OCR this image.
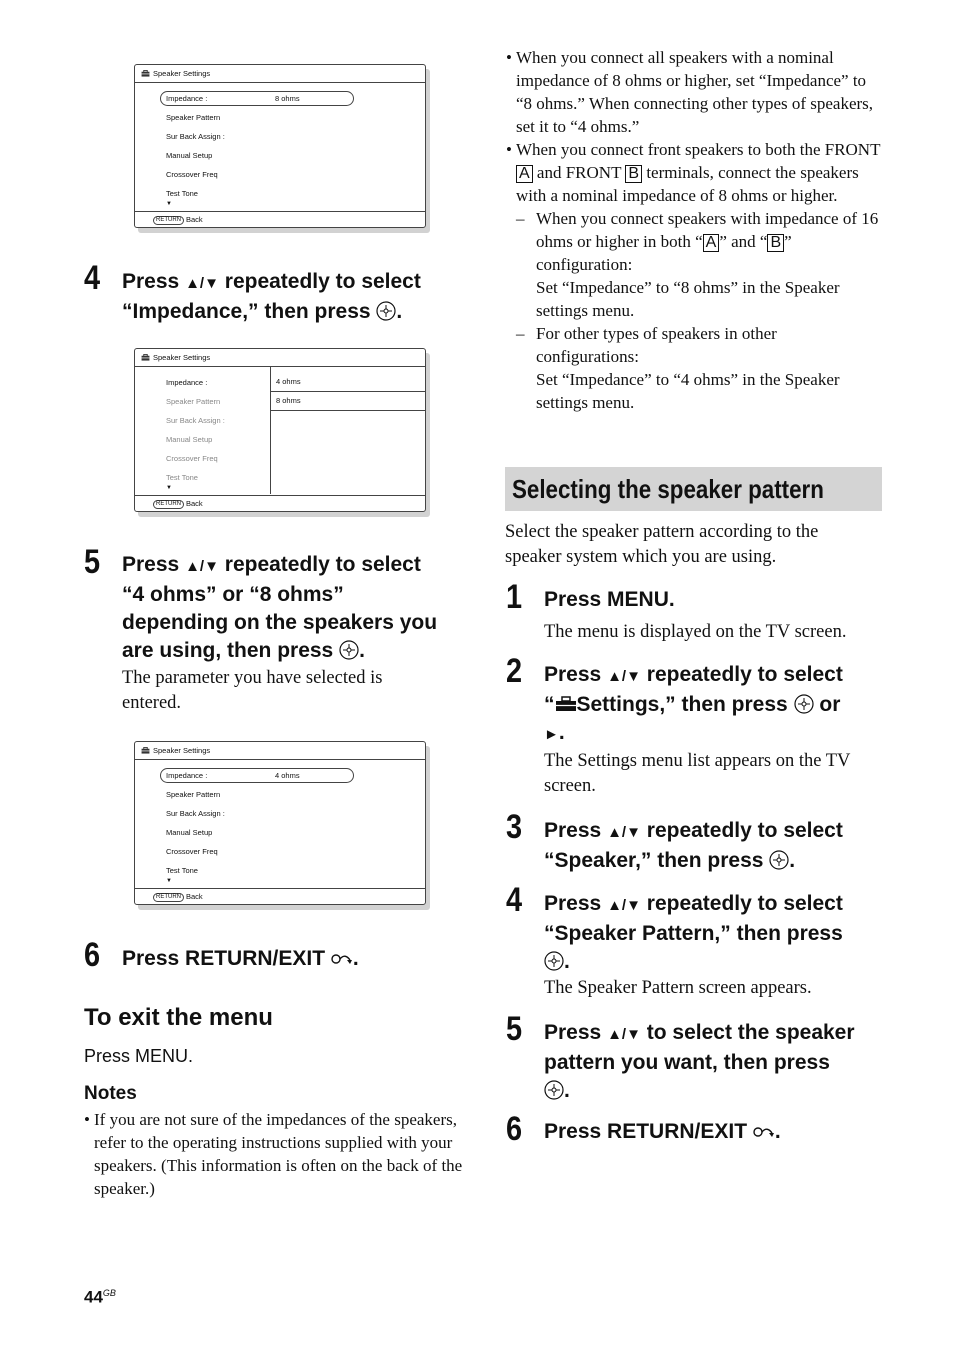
Speaker Settings
Impedance :	8 ohms
Speaker Pattern
Sur Back Assign :
Manual Setup
Crossover Freq
Test Tone
▼
RETURN Back
4 Press ▲/▼ repeatedly to select
“Impedance,” then press .
Speaker Settings
Impedance :
Speaker Pattern
Sur Back Assign :
Manual Setup
Crossover Freq
Test Tone
▼
4 ohms
8 ohms
RETURN Back
5 Press ▲/▼ repeatedly to select
“4 ohms” or “8 ohms”
depending on the speakers you
are using, then press .
The parameter you have selected is entered.
Speaker Settings
Impedance :	4 ohms
Speaker Pattern
Sur Back Assign :
Manual Setup
Crossover Freq
Test Tone
▼
RETURN Back
6 Press RETURN/EXIT .
To exit the menu
Press MENU.
Notes
• If you are not sure of the impedances of the speakers, refer to the operating instructions supplied with your speakers. (This information is often on the back of the speaker.)
• When you connect all speakers with a nominal impedance of 8 ohms or higher, set “Impedance” to “8 ohms.” When connecting other types of speakers, set it to “4 ohms.”
• When you connect front speakers to both the FRONT A and FRONT B terminals, connect the speakers with a nominal impedance of 8 ohms or higher.
– When you connect speakers with impedance of 16 ohms or higher in both “ A ” and “ B ” configuration:
Set “Impedance” to “8 ohms” in the Speaker settings menu.
– For other types of speakers in other configurations:
Set “Impedance” to “4 ohms” in the Speaker settings menu.
Selecting the speaker pattern
Select the speaker pattern according to the speaker system which you are using.
1 Press MENU.
The menu is displayed on the TV screen.
2 Press ▲/▼ repeatedly to select
“ Settings,” then press  or
►.
The Settings menu list appears on the TV screen.
3 Press ▲/▼ repeatedly to select
“Speaker,” then press .
4 Press ▲/▼ repeatedly to select
“Speaker Pattern,” then press
.
The Speaker Pattern screen appears.
5 Press ▲/▼ to select the speaker
pattern you want, then press
.
6 Press RETURN/EXIT .
$44^{GB}$
